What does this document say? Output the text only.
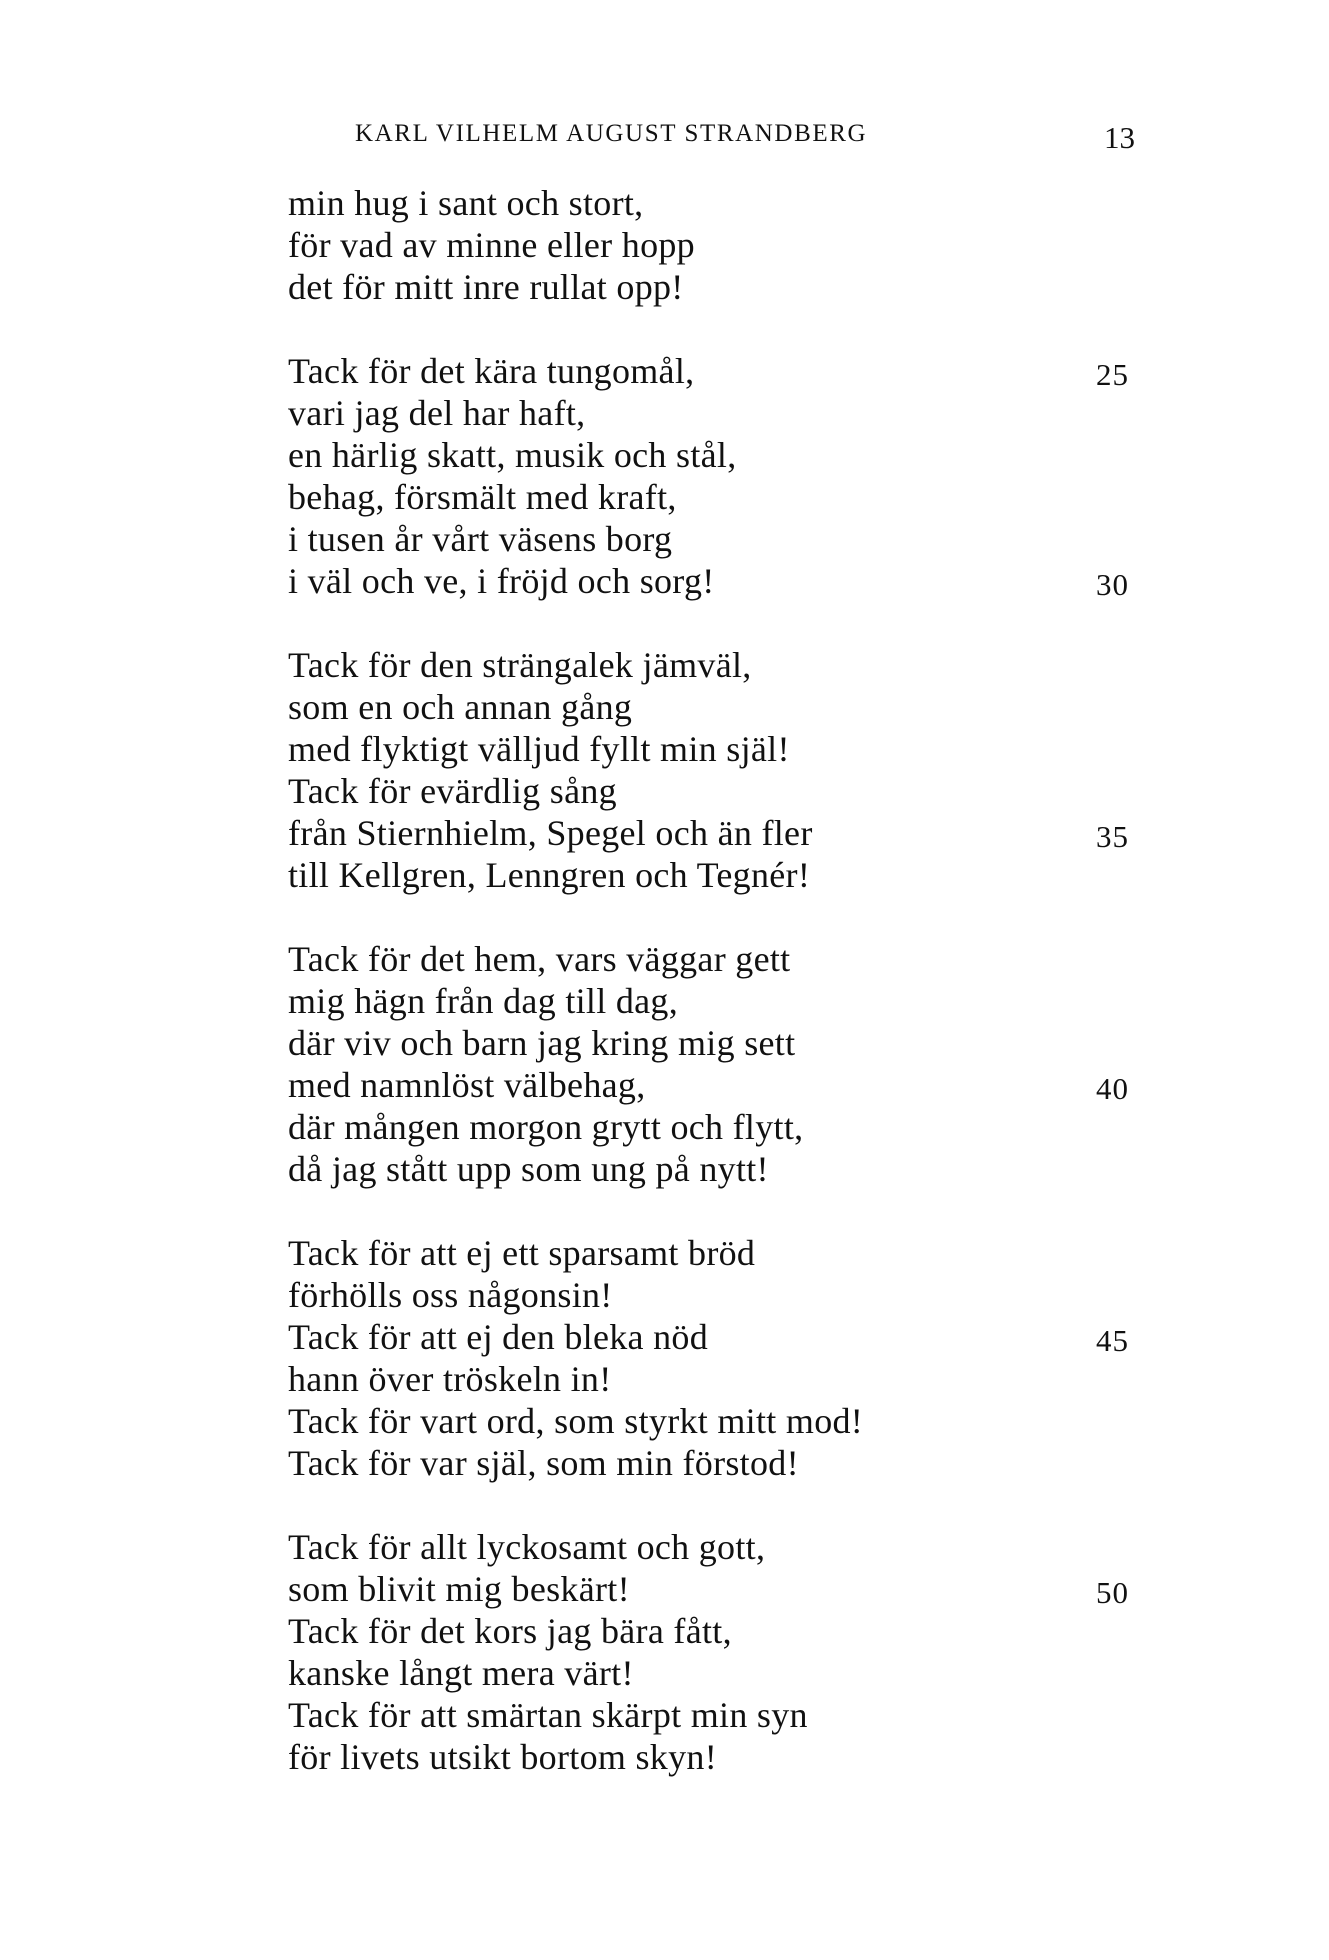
KARL VILHELM AUGUST STRANDBERG	13
min hug i sant och stort,
för vad av minne eller hopp
det för mitt inre rullat opp!
Tack för det kära tungomål,	25
vari jag del har haft,
en härlig skatt, musik och stål,
behag, försmält med kraft,
i tusen år vårt väsens borg
i väl och ve, i fröjd och sorg!	30
Tack för den strängalek jämväl,
som en och annan gång
med flyktigt välljud fyllt min själ!
Tack för evärdlig sång
från Stiernhielm, Spegel och än fler	35
till Kellgren, Lenngren och Tegnér!
Tack för det hem, vars väggar gett
mig hägn från dag till dag,
där viv och barn jag kring mig sett
med namnlöst välbehag,	40
där mången morgon grytt och flytt,
då jag stått upp som ung på nytt!
Tack för att ej ett sparsamt bröd
förhölls oss någonsin!
Tack för att ej den bleka nöd	45
hann över tröskeln in!
Tack för vart ord, som styrkt mitt mod!
Tack för var själ, som min förstod!
Tack för allt lyckosamt och gott,
som blivit mig beskärt!	50
Tack för det kors jag bära fått,
kanske långt mera värt!
Tack för att smärtan skärpt min syn
för livets utsikt bortom skyn!
